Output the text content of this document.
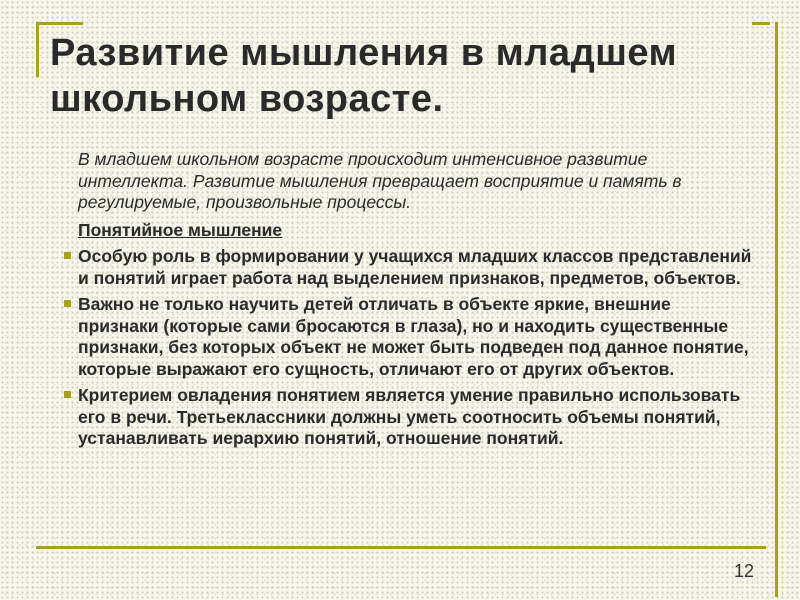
Развитие мышления в младшем школьном возрасте.

В младшем школьном возрасте происходит интенсивное развитие интеллекта. Развитие мышления превращает восприятие и память в регулируемые, произвольные процессы.

Понятийное мышление

Особую роль в формировании у учащихся младших классов представлений и понятий играет работа над выделением признаков, предметов, объектов.
Важно не только научить детей отличать в объекте яркие, внешние признаки (которые сами бросаются в глаза), но и находить существенные признаки, без которых объект не может быть подведен под данное понятие, которые выражают его сущность, отличают его от других объектов.
Критерием овладения понятием является умение правильно использовать его в речи. Третьеклассники должны уметь соотносить объемы понятий, устанавливать иерархию понятий, отношение понятий.
12
